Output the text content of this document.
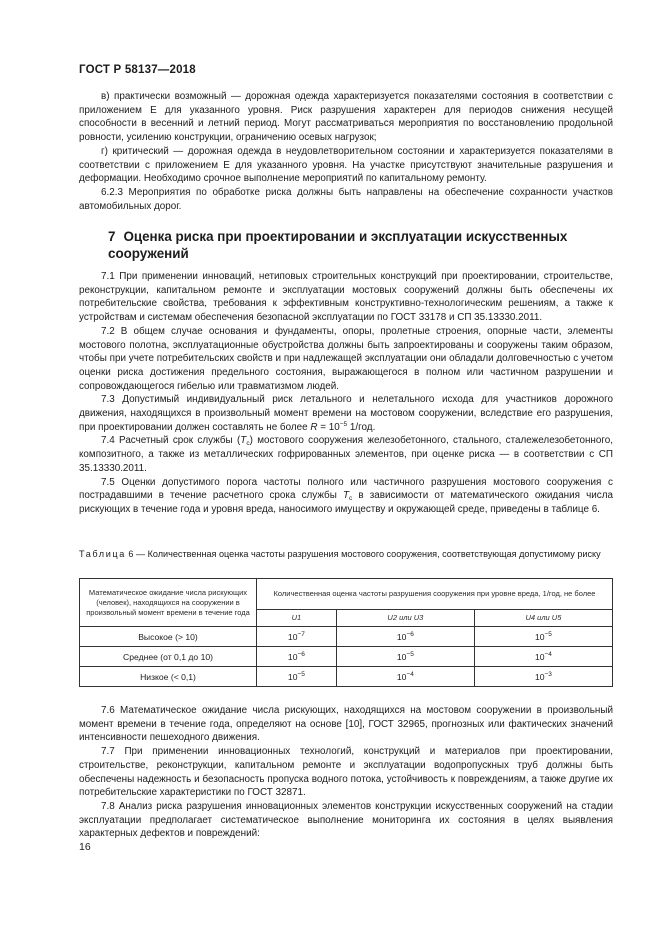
ГОСТ Р 58137—2018

в) практически возможный — дорожная одежда характеризуется показателями состояния в соответствии с приложением Е для указанного уровня. Риск разрушения характерен для периодов снижения несущей способности в весенний и летний период. Могут рассматриваться мероприятия по восстановлению продольной ровности, усилению конструкции, ограничению осевых нагрузок;

г) критический — дорожная одежда в неудовлетворительном состоянии и характеризуется показателями в соответствии с приложением Е для указанного уровня. На участке присутствуют значительные разрушения и деформации. Необходимо срочное выполнение мероприятий по капитальному ремонту.

6.2.3 Мероприятия по обработке риска должны быть направлены на обеспечение сохранности участков автомобильных дорог.

7 Оценка риска при проектировании и эксплуатации искусственных сооружений

7.1 При применении инноваций, нетиповых строительных конструкций при проектировании, строительстве, реконструкции, капитальном ремонте и эксплуатации мостовых сооружений должны быть обеспечены их потребительские свойства, требования к эффективным конструктивно-технологическим решениям, а также к устройствам и системам обеспечения безопасной эксплуатации по ГОСТ 33178 и СП 35.13330.2011.

7.2 В общем случае основания и фундаменты, опоры, пролетные строения, опорные части, элементы мостового полотна, эксплуатационные обустройства должны быть запроектированы и сооружены таким образом, чтобы при учете потребительских свойств и при надлежащей эксплуатации они обладали долговечностью с учетом оценки риска достижения предельного состояния, выражающегося в полном или частичном разрушении и сопровождающегося гибелью или травматизмом людей.

7.3 Допустимый индивидуальный риск летального и нелетального исхода для участников дорожного движения, находящихся в произвольный момент времени на мостовом сооружении, вследствие его разрушения, при проектировании должен составлять не более $R = 10^{-5}$ 1/год.

7.4 Расчетный срок службы $(T_с)$ мостового сооружения железобетонного, стального, сталежелезобетонного, композитного, а также из металлических гофрированных элементов, при оценке риска — в соответствии с СП 35.13330.2011.

7.5 Оценки допустимого порога частоты полного или частичного разрушения мостового сооружения с пострадавшими в течение расчетного срока службы $T_с$ в зависимости от математического ожидания числа рискующих в течение года и уровня вреда, наносимого имуществу и окружающей среде, приведены в таблице 6.

Таблица 6 — Количественная оценка частоты разрушения мостового сооружения, соответствующая допустимому риску
Математическое ожидание числа рискующих (человек), находящихся на сооружении в произвольный момент времени в течение года	Количественная оценка частоты разрушения сооружения при уровне вреда, 1/год, не более		
	U1	U2 или U3	U4 или U5
Высокое (> 10)	$10^{-7}$	$10^{-6}$	$10^{-5}$
Среднее (от 0,1 до 10)	$10^{-6}$	$10^{-5}$	$10^{-4}$
Низкое (< 0,1)	$10^{-5}$	$10^{-4}$	$10^{-3}$

7.6 Математическое ожидание числа рискующих, находящихся на мостовом сооружении в произвольный момент времени в течение года, определяют на основе [10], ГОСТ 32965, прогнозных или фактических значений интенсивности пешеходного движения.

7.7 При применении инновационных технологий, конструкций и материалов при проектировании, строительстве, реконструкции, капитальном ремонте и эксплуатации водопропускных труб должны быть обеспечены надежность и безопасность пропуска водного потока, устойчивость к повреждениям, а также другие их потребительские характеристики по ГОСТ 32871.

7.8 Анализ риска разрушения инновационных элементов конструкции искусственных сооружений на стадии эксплуатации предполагает систематическое выполнение мониторинга их состояния в целях выявления характерных дефектов и повреждений:

16
